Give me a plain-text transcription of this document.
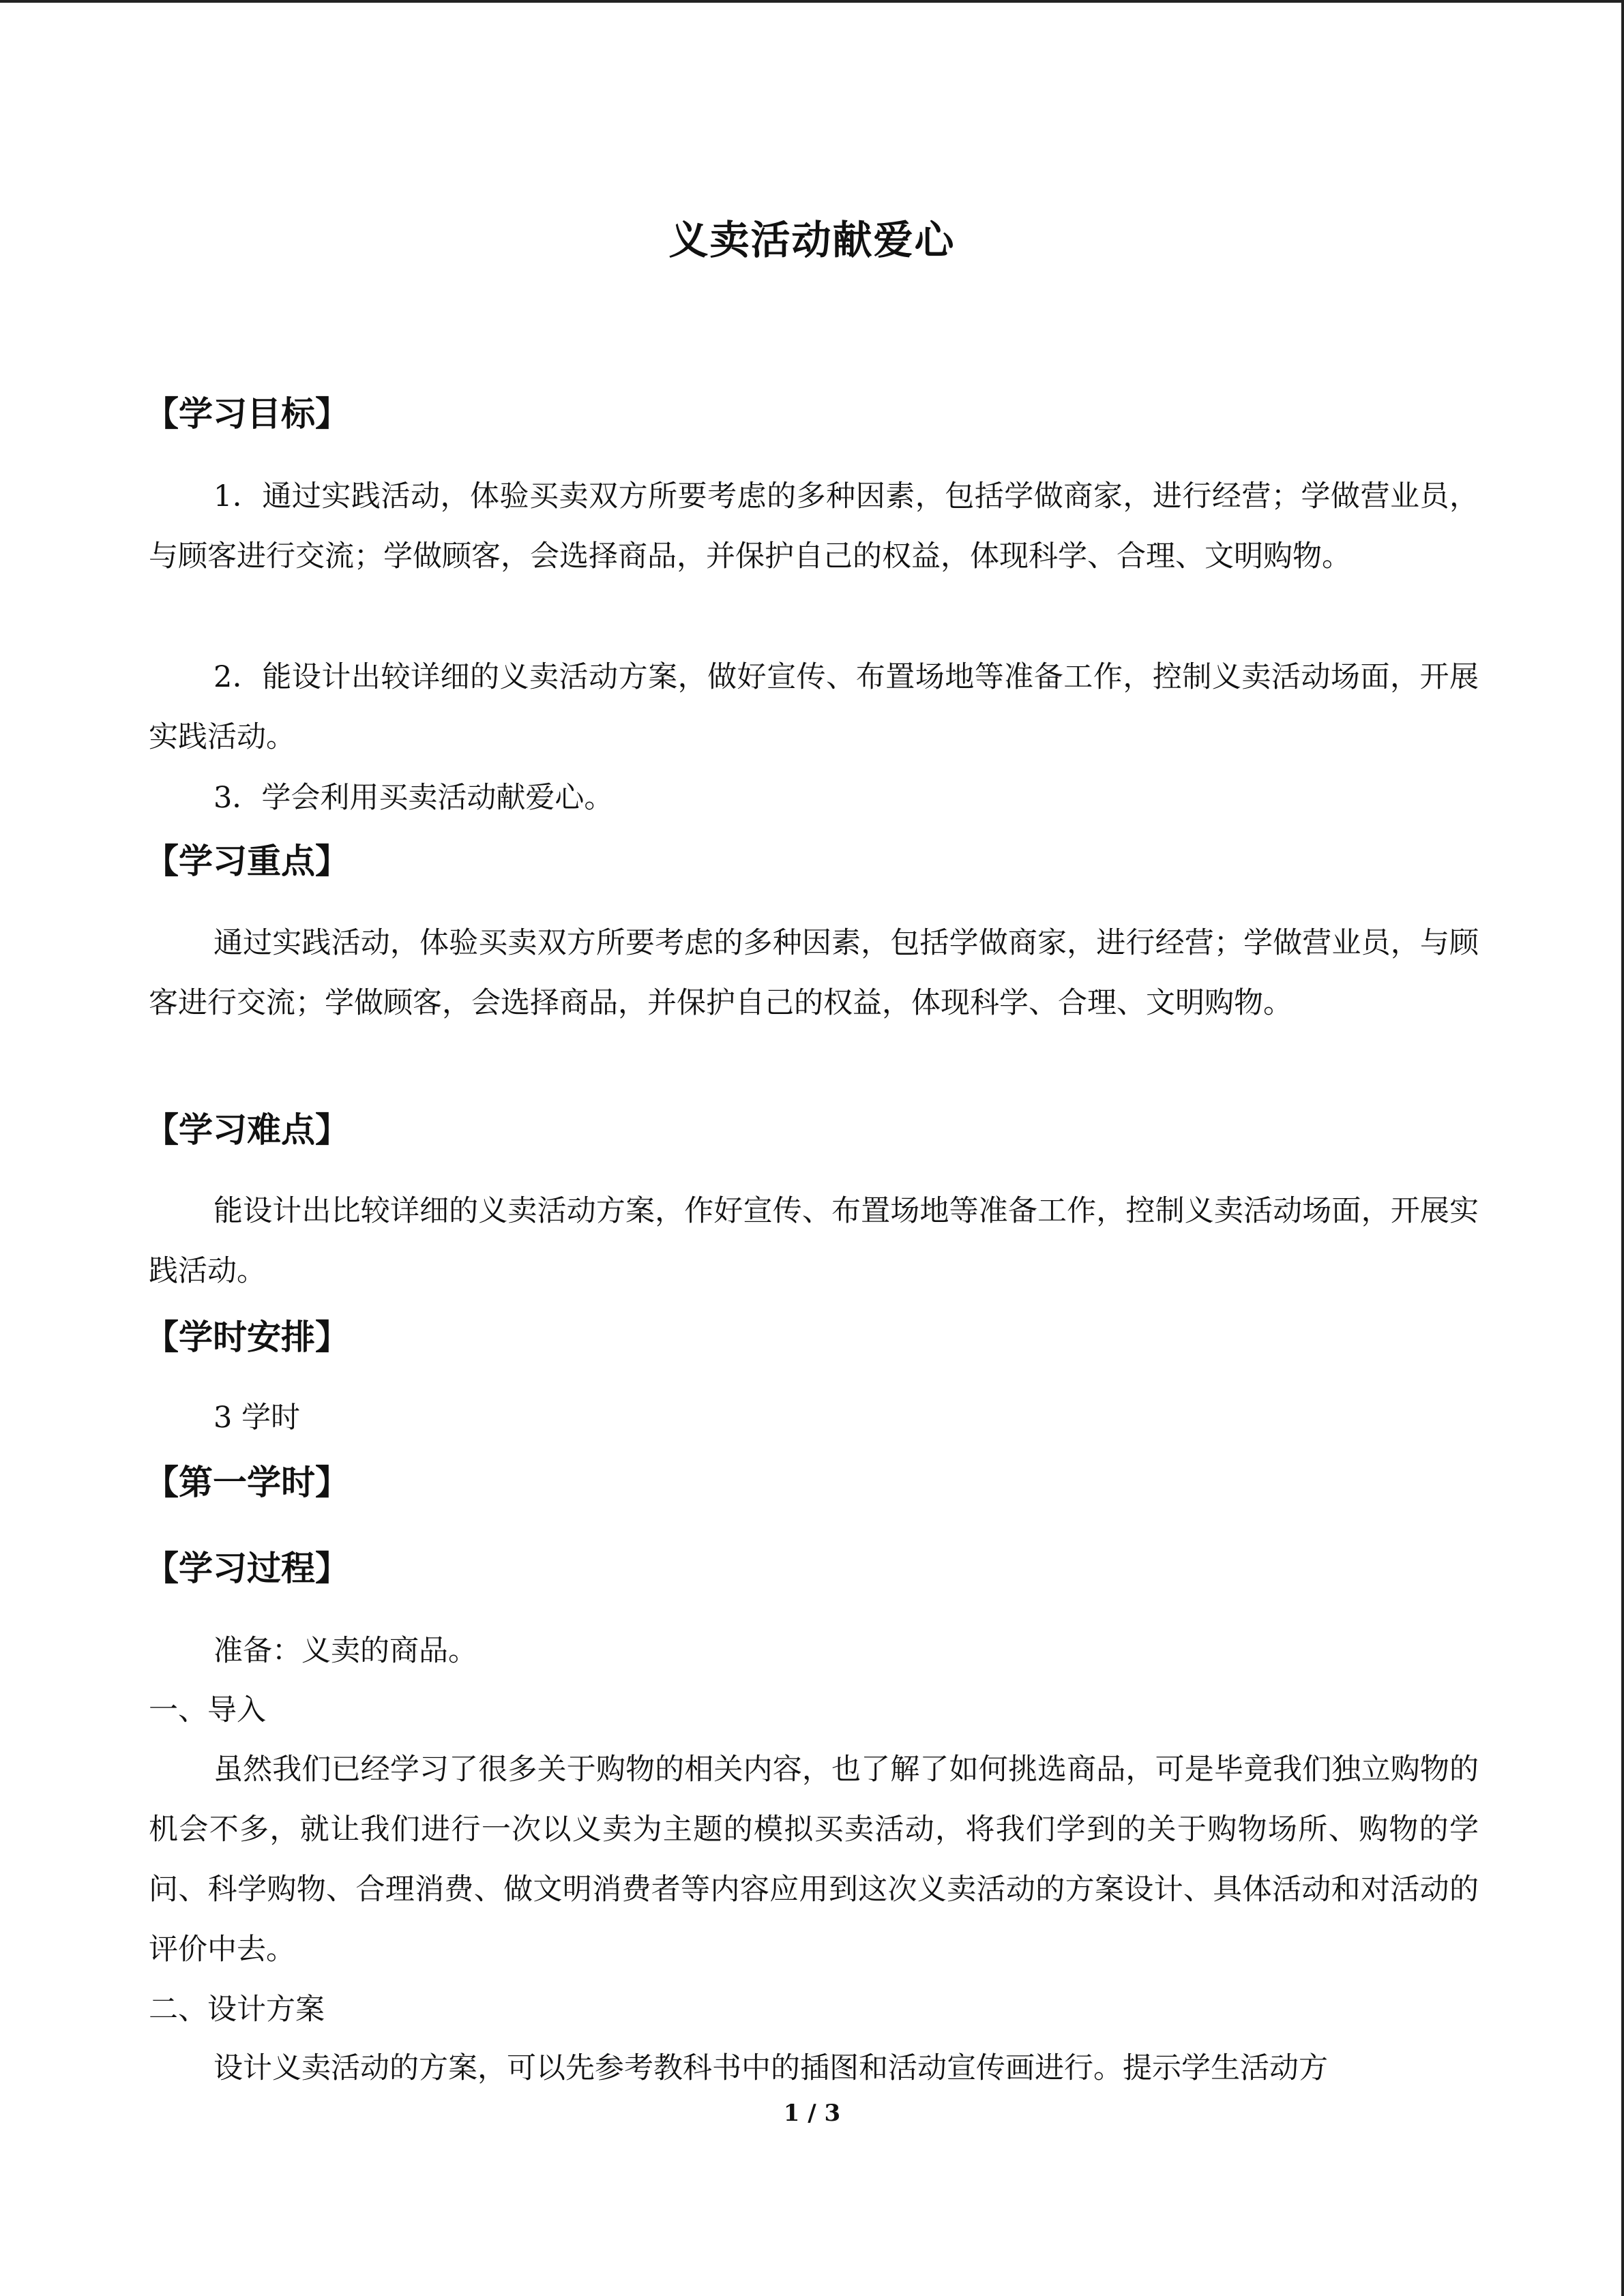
义卖活动献爱心
【学习目标】

1．通过实践活动，体验买卖双方所要考虑的多种因素，包括学做商家，进行经营；学做营业员，与顾客进行交流；学做顾客，会选择商品，并保护自己的权益，体现科学、合理、文明购物。

2．能设计出较详细的义卖活动方案，做好宣传、布置场地等准备工作，控制义卖活动场面，开展实践活动。

3．学会利用买卖活动献爱心。

【学习重点】

通过实践活动，体验买卖双方所要考虑的多种因素，包括学做商家，进行经营；学做营业员，与顾客进行交流；学做顾客，会选择商品，并保护自己的权益，体现科学、合理、文明购物。

【学习难点】

能设计出比较详细的义卖活动方案，作好宣传、布置场地等准备工作，控制义卖活动场面，开展实践活动。

【学时安排】
3 学时
【第一学时】
【学习过程】
准备：义卖的商品。
一、导入

虽然我们已经学习了很多关于购物的相关内容，也了解了如何挑选商品，可是毕竟我们独立购物的机会不多，就让我们进行一次以义卖为主题的模拟买卖活动，将我们学到的关于购物场所、购物的学问、科学购物、合理消费、做文明消费者等内容应用到这次义卖活动的方案设计、具体活动和对活动的评价中去。

二、设计方案
设计义卖活动的方案，可以先参考教科书中的插图和活动宣传画进行。提示学生活动方
1 / 3
